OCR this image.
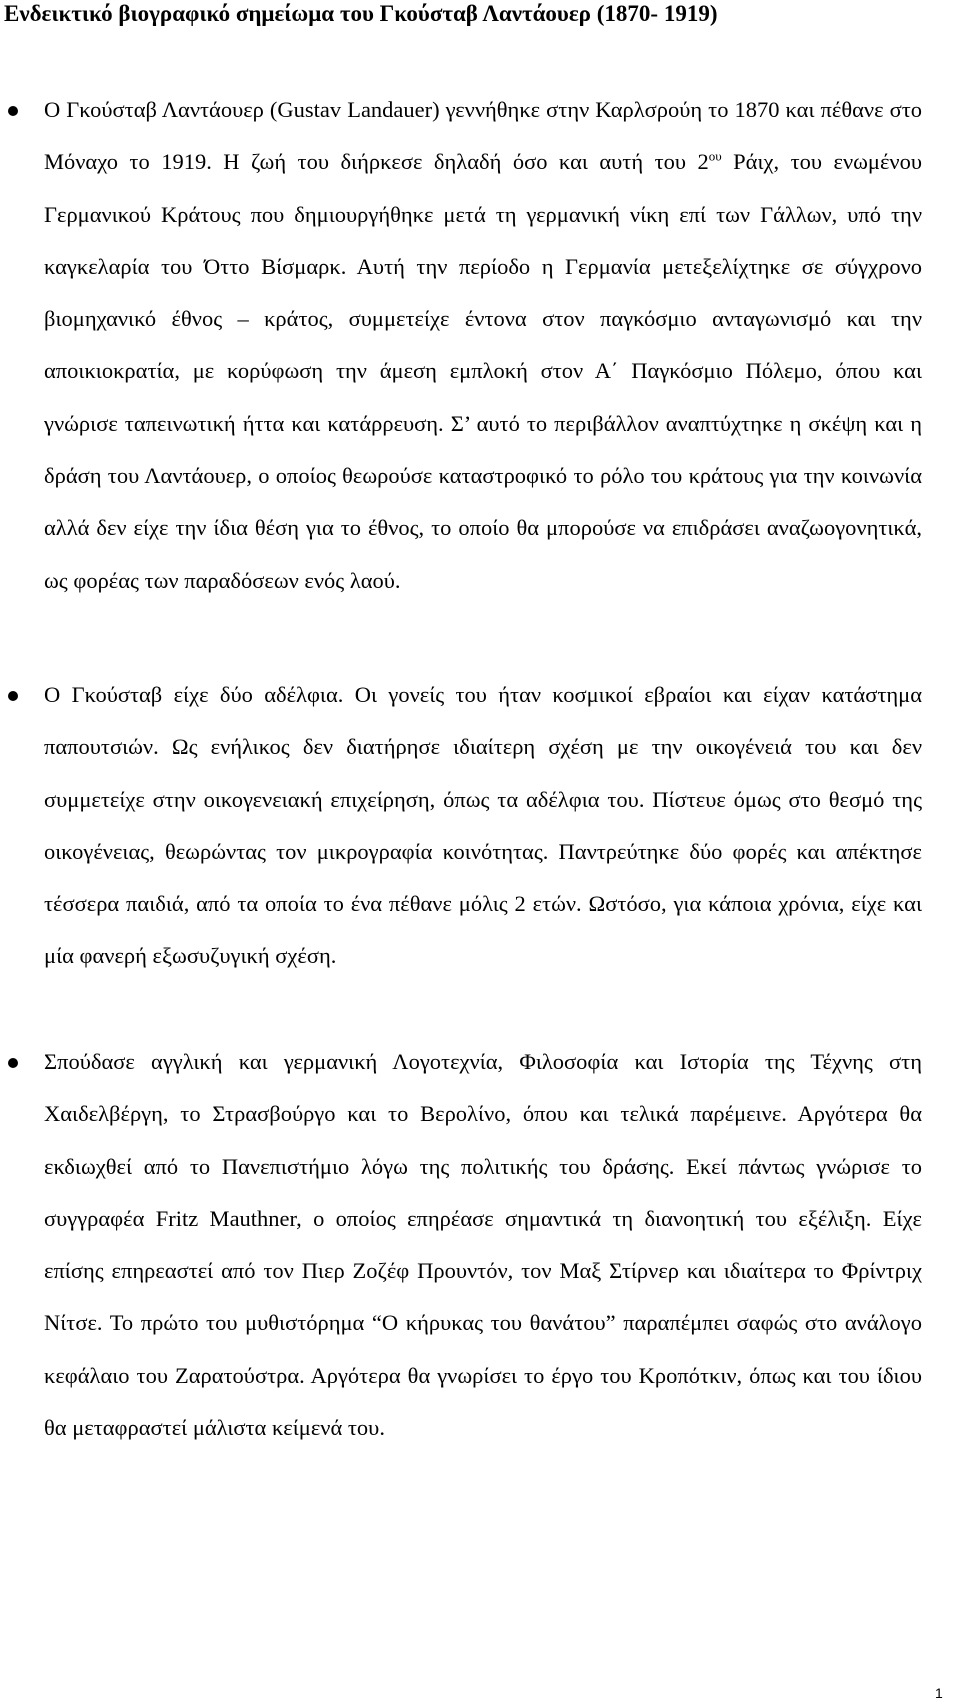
Ενδεικτικό βιογραφικό σημείωμα του Γκούσταβ Λαντάουερ (1870- 1919)

Ο Γκούσταβ Λαντάουερ (Gustav Landauer) γεννήθηκε στην Καρλσρούη το 1870 και πέθανε στο Μόναχο το 1919. Η ζωή του διήρκεσε δηλαδή όσο και αυτή του $2^{o\upsilon}$ Ράιχ, του ενωμένου Γερμανικού Κράτους που δημιουργήθηκε μετά τη γερμανική νίκη επί των Γάλλων, υπό την καγκελαρία του Όττο Βίσμαρκ. Αυτή την περίοδο η Γερμανία μετεξελίχτηκε σε σύγχρονο βιομηχανικό έθνος – κράτος, συμμετείχε έντονα στον παγκόσμιο ανταγωνισμό και την αποικιοκρατία, με κορύφωση την άμεση εμπλοκή στον Α΄ Παγκόσμιο Πόλεμο, όπου και γνώρισε ταπεινωτική ήττα και κατάρρευση. Σ’ αυτό το περιβάλλον αναπτύχτηκε η σκέψη και η δράση του Λαντάουερ, ο οποίος θεωρούσε καταστροφικό το ρόλο του κράτους για την κοινωνία αλλά δεν είχε την ίδια θέση για το έθνος, το οποίο θα μπορούσε να επιδράσει αναζωογονητικά, ως φορέας των παραδόσεων ενός λαού.

Ο Γκούσταβ είχε δύο αδέλφια. Οι γονείς του ήταν κοσμικοί εβραίοι και είχαν κατάστημα παπουτσιών. Ως ενήλικος δεν διατήρησε ιδιαίτερη σχέση με την οικογένειά του και δεν συμμετείχε στην οικογενειακή επιχείρηση, όπως τα αδέλφια του. Πίστευε όμως στο θεσμό της οικογένειας, θεωρώντας τον μικρογραφία κοινότητας. Παντρεύτηκε δύο φορές και απέκτησε τέσσερα παιδιά, από τα οποία το ένα πέθανε μόλις 2 ετών. Ωστόσο, για κάποια χρόνια, είχε και μία φανερή εξωσυζυγική σχέση.

Σπούδασε αγγλική και γερμανική Λογοτεχνία, Φιλοσοφία και Ιστορία της Τέχνης στη Χαιδελβέργη, το Στρασβούργο και το Βερολίνο, όπου και τελικά παρέμεινε. Αργότερα θα εκδιωχθεί από το Πανεπιστήμιο λόγω της πολιτικής του δράσης. Εκεί πάντως γνώρισε το συγγραφέα Fritz Mauthner, ο οποίος επηρέασε σημαντικά τη διανοητική του εξέλιξη. Είχε επίσης επηρεαστεί από τον Πιερ Ζοζέφ Προυντόν, τον Μαξ Στίρνερ και ιδιαίτερα το Φρίντριχ Νίτσε. Το πρώτο του μυθιστόρημα “Ο κήρυκας του θανάτου” παραπέμπει σαφώς στο ανάλογο κεφάλαιο του Ζαρατούστρα. Αργότερα θα γνωρίσει το έργο του Κροπότκιν, όπως και του ίδιου θα μεταφραστεί μάλιστα κείμενά του.

1
